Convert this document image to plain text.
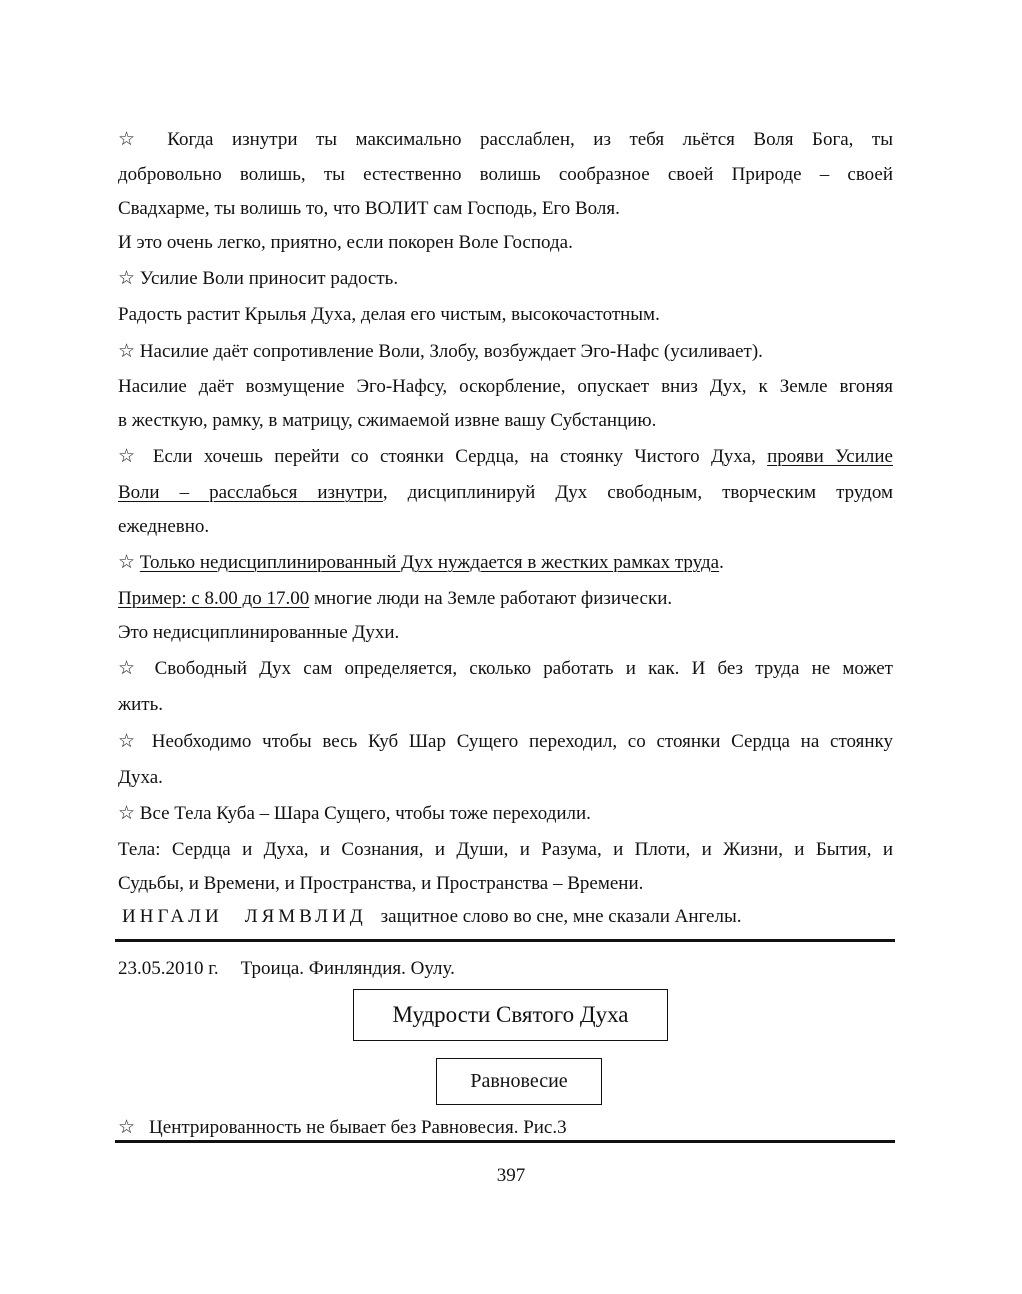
☆ Когда изнутри ты максимально расслаблен, из тебя льётся Воля Бога, ты
добровольно волишь, ты естественно волишь сообразное своей Природе – своей
Свадхарме, ты волишь то, что ВОЛИТ сам Господь, Его Воля.
И это очень легко, приятно, если покорен Воле Господа.
☆ Усилие Воли приносит радость.
Радость растит Крылья Духа, делая его чистым, высокочастотным.
☆ Насилие даёт сопротивление Воли, Злобу, возбуждает Эго-Нафс (усиливает).
Насилие даёт возмущение Эго-Нафсу, оскорбление, опускает вниз Дух, к Земле вгоняя
в жесткую, рамку, в матрицу, сжимаемой извне вашу Субстанцию.
☆ Если хочешь перейти со стоянки Сердца, на стоянку Чистого Духа, прояви Усилие
Воли – расслабься изнутри, дисциплинируй Дух свободным, творческим трудом
ежедневно.
☆ Только недисциплинированный Дух нуждается в жестких рамках труда.
Пример: с 8.00 до 17.00 многие люди на Земле работают физически.
Это недисциплинированные Духи.
☆ Свободный Дух сам определяется, сколько работать и как. И без труда не может
жить.
☆ Необходимо чтобы весь Куб Шар Сущего переходил, со стоянки Сердца на стоянку
Духа.
☆ Все Тела Куба – Шара Сущего, чтобы тоже переходили.
Тела: Сердца и Духа, и Сознания, и Души, и Разума, и Плоти, и Жизни, и Бытия, и
Судьбы, и Времени, и Пространства, и Пространства – Времени.
ИНГАЛИ ЛЯМВЛИД защитное слово во сне, мне сказали Ангелы.
23.05.2010 г. Троица. Финляндия. Оулу.
Мудрости Святого Духа
Равновесие
☆ Центрированность не бывает без Равновесия. Рис.3
397
